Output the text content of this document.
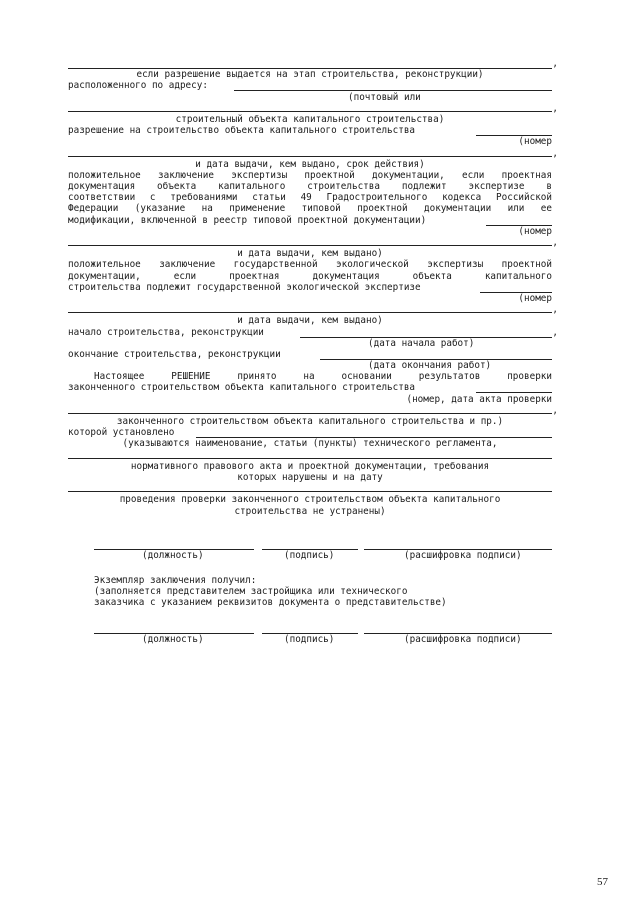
,
если разрешение выдается на этап строительства, реконструкции)
расположенного по адресу:
(почтовый или
,
строительный объекта капитального строительства)
разрешение на строительство объекта капитального строительства
(номер
,
и дата выдачи, кем выдано, срок действия)
положительное заключение экспертизы проектной документации, если проектная
документация объекта капитального строительства подлежит экспертизе в
соответствии с требованиями статьи 49 Градостроительного кодекса Российской
Федерации (указание на применение типовой проектной документации или ее
модификации, включенной в реестр типовой проектной документации)
(номер
,
и дата выдачи, кем выдано)
положительное заключение государственной экологической экспертизы проектной
документации, если проектная документация объекта капитального
строительства подлежит государственной экологической экспертизе
(номер
,
и дата выдачи, кем выдано)
начало строительства, реконструкции	,
(дата начала работ)
окончание строительства, реконструкции
(дата окончания работ)
Настоящее РЕШЕНИЕ принято на основании результатов проверки
законченного строительством объекта капитального строительства
(номер, дата акта проверки
,
законченного строительством объекта капитального строительства и пр.)
которой установлено
(указываются наименование, статьи (пункты) технического регламента,
нормативного правового акта и проектной документации, требования
которых нарушены и на дату
проведения проверки законченного строительством объекта капитального
строительства не устранены)
(должность)	(подпись)	(расшифровка подписи)
Экземпляр заключения получил:
(заполняется представителем застройщика или технического
заказчика с указанием реквизитов документа о представительстве)
(должность)	(подпись)	(расшифровка подписи)
57
